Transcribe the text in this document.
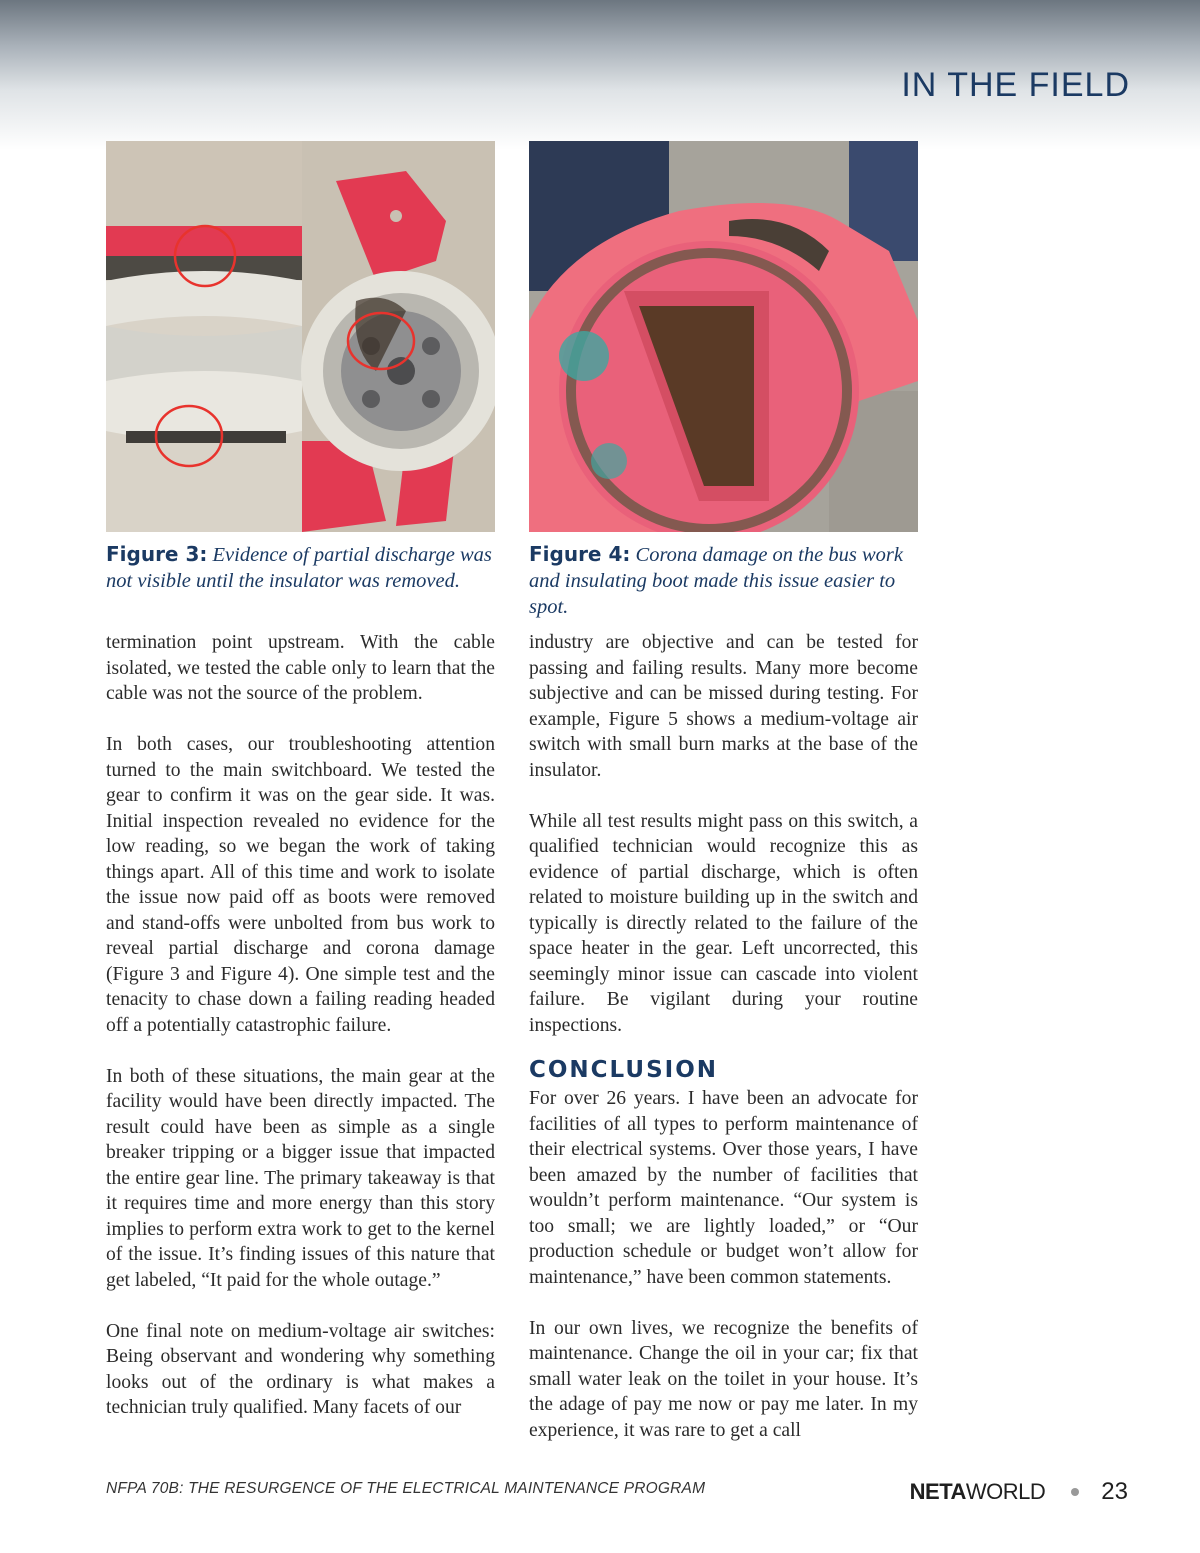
IN THE FIELD
Figure 3: Evidence of partial discharge was not visible until the insulator was removed.
Figure 4: Corona damage on the bus work and insulating boot made this issue easier to spot.

termination point upstream. With the cable isolated, we tested the cable only to learn that the cable was not the source of the problem.

In both cases, our troubleshooting attention turned to the main switchboard. We tested the gear to confirm it was on the gear side. It was. Initial inspection revealed no evidence for the low reading, so we began the work of taking things apart. All of this time and work to isolate the issue now paid off as boots were removed and stand-offs were unbolted from bus work to reveal partial discharge and corona damage (Figure 3 and Figure 4). One simple test and the tenacity to chase down a failing reading headed off a potentially catastrophic failure.

In both of these situations, the main gear at the facility would have been directly impacted. The result could have been as simple as a single breaker tripping or a bigger issue that impacted the entire gear line. The primary takeaway is that it requires time and more energy than this story implies to perform extra work to get to the kernel of the issue. It’s finding issues of this nature that get labeled, “It paid for the whole outage.”

One final note on medium-voltage air switches: Being observant and wondering why something looks out of the ordinary is what makes a technician truly qualified. Many facets of our

industry are objective and can be tested for passing and failing results. Many more become subjective and can be missed during testing. For example, Figure 5 shows a medium-voltage air switch with small burn marks at the base of the insulator.

While all test results might pass on this switch, a qualified technician would recognize this as evidence of partial discharge, which is often related to moisture building up in the switch and typically is directly related to the failure of the space heater in the gear. Left uncorrected, this seemingly minor issue can cascade into violent failure. Be vigilant during your routine inspections.

CONCLUSION

For over 26 years. I have been an advocate for facilities of all types to perform maintenance of their electrical systems. Over those years, I have been amazed by the number of facilities that wouldn’t perform maintenance. “Our system is too small; we are lightly loaded,” or “Our production schedule or budget won’t allow for maintenance,” have been common statements.

In our own lives, we recognize the benefits of maintenance. Change the oil in your car; fix that small water leak on the toilet in your house. It’s the adage of pay me now or pay me later. In my experience, it was rare to get a call

NFPA 70B: THE RESURGENCE OF THE ELECTRICAL MAINTENANCE PROGRAM	NETA WORLD 23
